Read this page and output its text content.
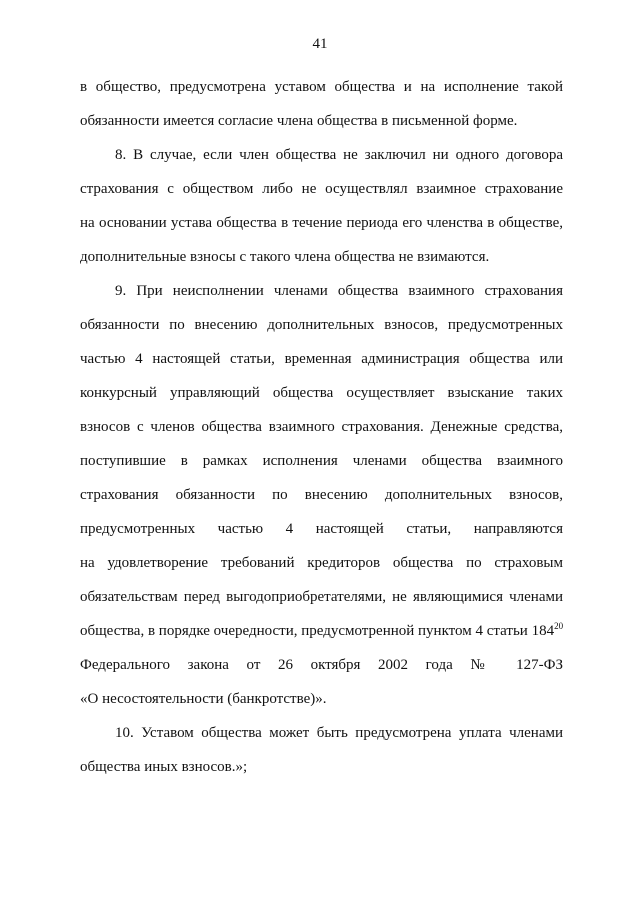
41
в общество, предусмотрена уставом общества и на исполнение такой
обязанности имеется согласие члена общества в письменной форме.
8. В случае, если член общества не заключил ни одного договора
страхования с обществом либо не осуществлял взаимное страхование
на основании устава общества в течение периода его членства в обществе,
дополнительные взносы с такого члена общества не взимаются.
9. При неисполнении членами общества взаимного страхования
обязанности по внесению дополнительных взносов, предусмотренных
частью 4 настоящей статьи, временная администрация общества или
конкурсный управляющий общества осуществляет взыскание таких
взносов с членов общества взаимного страхования. Денежные средства,
поступившие в рамках исполнения членами общества взаимного
страхования обязанности по внесению дополнительных взносов,
предусмотренных частью 4 настоящей статьи, направляются
на удовлетворение требований кредиторов общества по страховым
обязательствам перед выгодоприобретателями, не являющимися членами
общества, в порядке очередности, предусмотренной пунктом 4 статьи $184^{20}$
Федерального закона от 26 октября 2002 года № 127-ФЗ
«О несостоятельности (банкротстве)».
10. Уставом общества может быть предусмотрена уплата членами
общества иных взносов.»;
